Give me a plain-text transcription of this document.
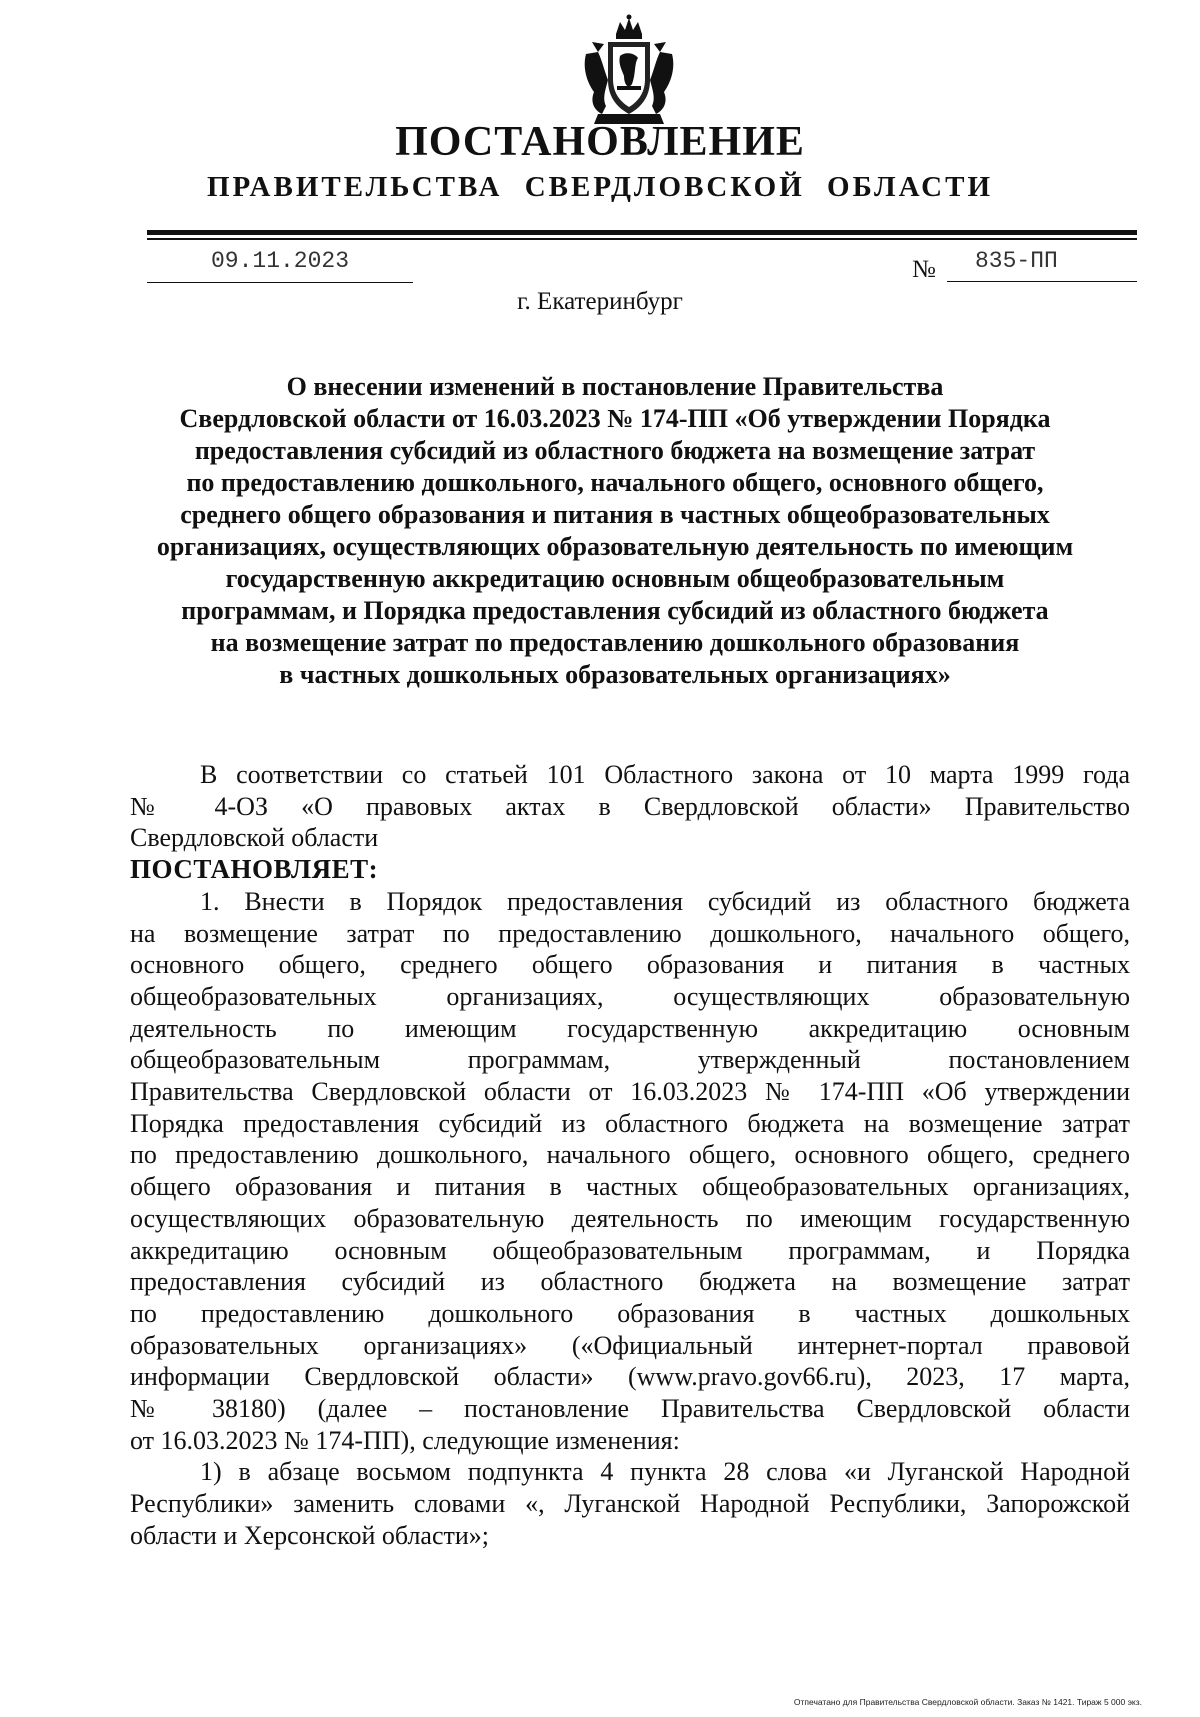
ПОСТАНОВЛЕНИЕ
ПРАВИТЕЛЬСТВА СВЕРДЛОВСКОЙ ОБЛАСТИ
09.11.2023	№	835-ПП
г. Екатеринбург
О внесении изменений в постановление Правительства
Свердловской области от 16.03.2023 № 174-ПП «Об утверждении Порядка
предоставления субсидий из областного бюджета на возмещение затрат
по предоставлению дошкольного, начального общего, основного общего,
среднего общего образования и питания в частных общеобразовательных
организациях, осуществляющих образовательную деятельность по имеющим
государственную аккредитацию основным общеобразовательным
программам, и Порядка предоставления субсидий из областного бюджета
на возмещение затрат по предоставлению дошкольного образования
в частных дошкольных образовательных организациях»
В соответствии со статьей 101 Областного закона от 10 марта 1999 года
№ 4-ОЗ «О правовых актах в Свердловской области» Правительство
Свердловской области
ПОСТАНОВЛЯЕТ:
1. Внести в Порядок предоставления субсидий из областного бюджета
на возмещение затрат по предоставлению дошкольного, начального общего,
основного общего, среднего общего образования и питания в частных
общеобразовательных организациях, осуществляющих образовательную
деятельность по имеющим государственную аккредитацию основным
общеобразовательным программам, утвержденный постановлением
Правительства Свердловской области от 16.03.2023 № 174-ПП «Об утверждении
Порядка предоставления субсидий из областного бюджета на возмещение затрат
по предоставлению дошкольного, начального общего, основного общего, среднего
общего образования и питания в частных общеобразовательных организациях,
осуществляющих образовательную деятельность по имеющим государственную
аккредитацию основным общеобразовательным программам, и Порядка
предоставления субсидий из областного бюджета на возмещение затрат
по предоставлению дошкольного образования в частных дошкольных
образовательных организациях» («Официальный интернет-портал правовой
информации Свердловской области» (www.pravo.gov66.ru), 2023, 17 марта,
№ 38180) (далее – постановление Правительства Свердловской области
от 16.03.2023 № 174-ПП), следующие изменения:
1) в абзаце восьмом подпункта 4 пункта 28 слова «и Луганской Народной
Республики» заменить словами «, Луганской Народной Республики, Запорожской
области и Херсонской области»;
Отпечатано для Правительства Свердловской области. Заказ № 1421. Тираж 5 000 экз.
